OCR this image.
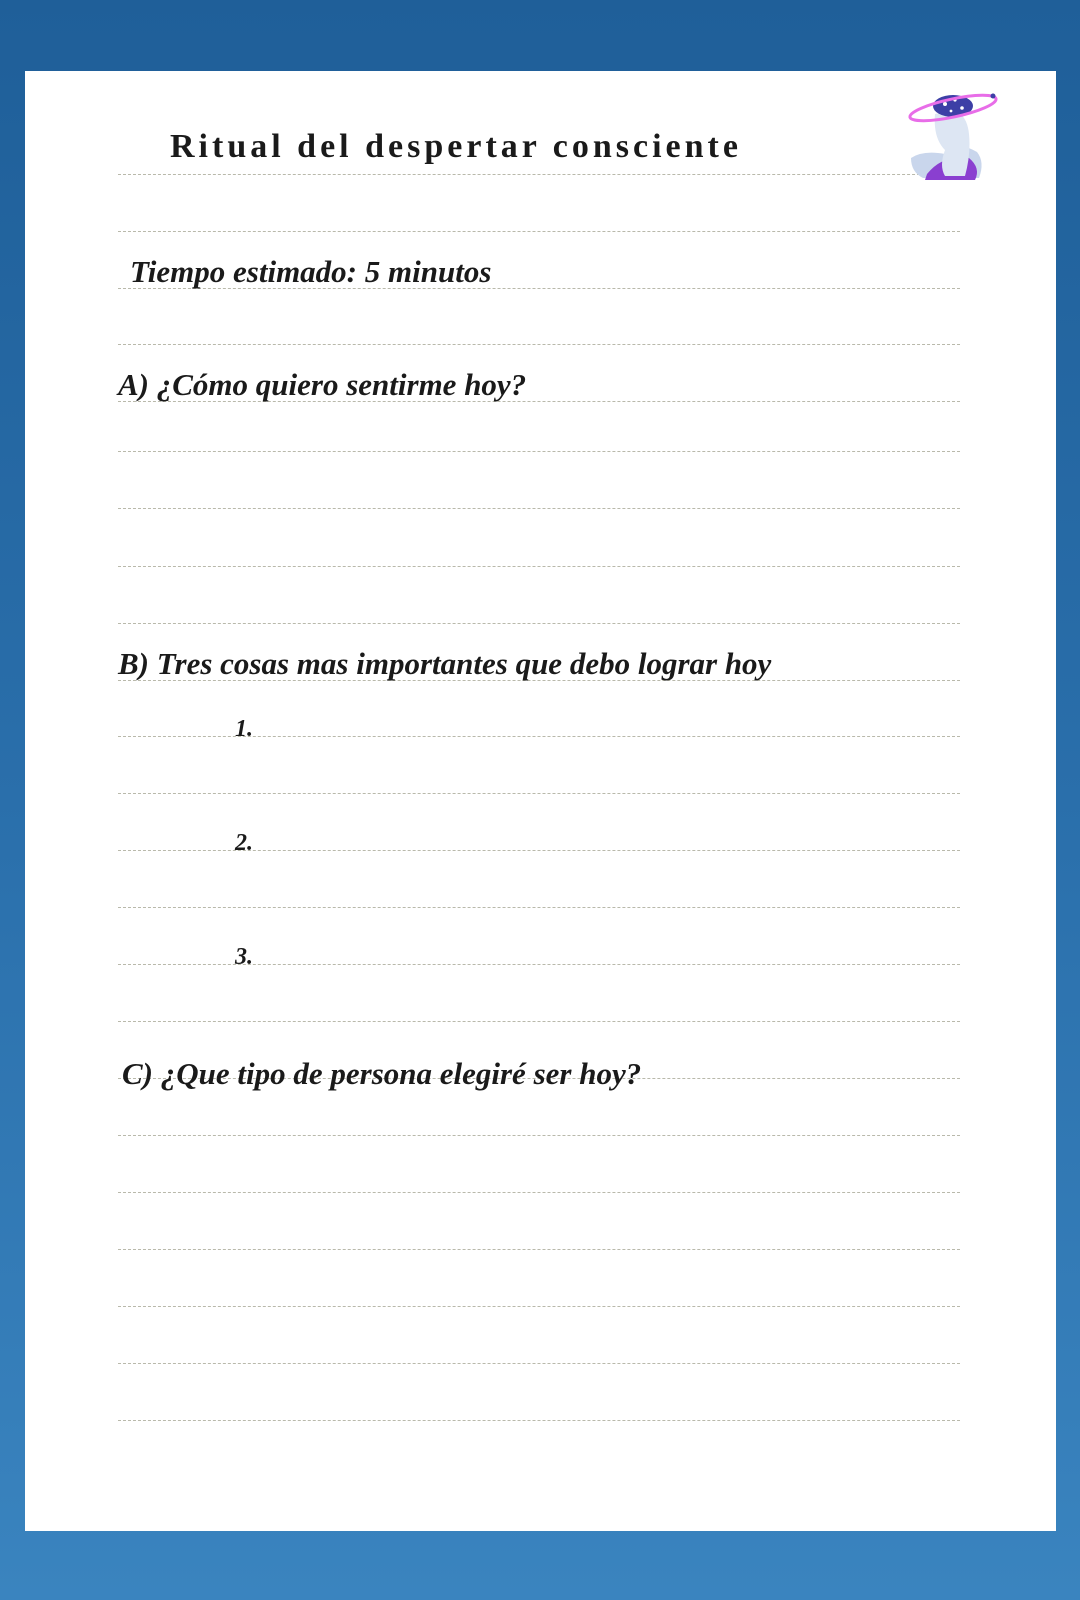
Ritual del despertar consciente
Tiempo estimado: 5 minutos
A) ¿Cómo quiero sentirme hoy?
B) Tres cosas mas importantes que debo lograr hoy
1.
2.
3.
C) ¿Que tipo de persona elegiré ser hoy?
